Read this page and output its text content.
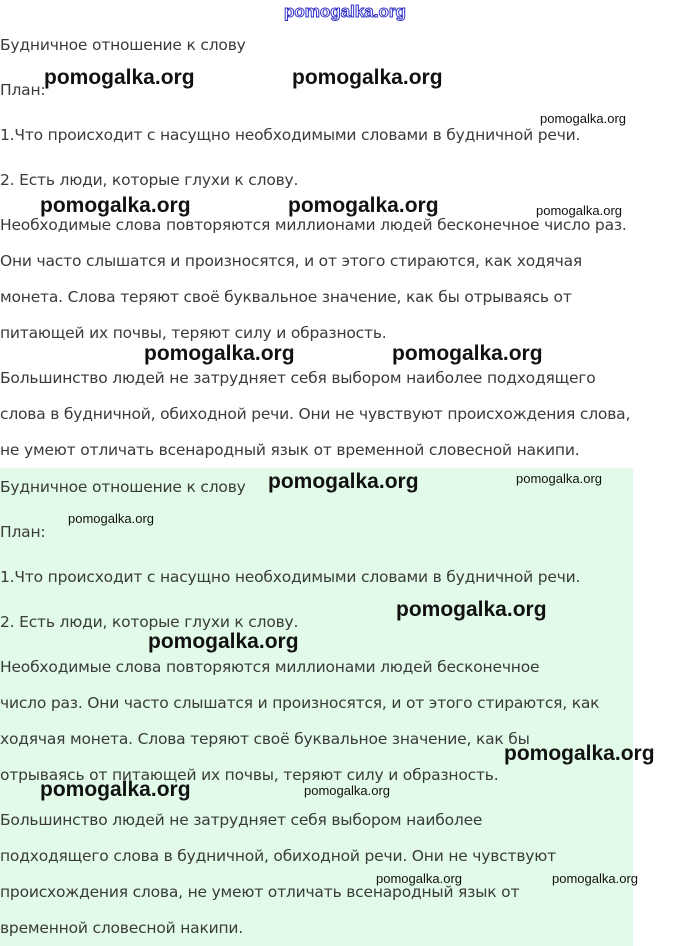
pomogalka.org
Будничное отношение к слову
План:
1.Что происходит с насущно необходимыми словами в будничной речи.
2. Есть люди, которые глухи к слову.
Необходимые слова повторяются миллионами людей бесконечное число раз.
Они часто слышатся и произносятся, и от этого стираются, как ходячая
монета. Слова теряют своё буквальное значение, как бы отрываясь от
питающей их почвы, теряют силу и образность.
Большинство людей не затрудняет себя выбором наиболее подходящего
слова в будничной, обиходной речи. Они не чувствуют происхождения слова,
не умеют отличать всенародный язык от временной словесной накипи.
Будничное отношение к слову
План:
1.Что происходит с насущно необходимыми словами в будничной речи.
2. Есть люди, которые глухи к слову.
Необходимые слова повторяются миллионами людей бесконечное
число раз. Они часто слышатся и произносятся, и от этого стираются, как
ходячая монета. Слова теряют своё буквальное значение, как бы
отрываясь от питающей их почвы, теряют силу и образность.
Большинство людей не затрудняет себя выбором наиболее
подходящего слова в будничной, обиходной речи. Они не чувствуют
происхождения слова, не умеют отличать всенародный язык от
временной словесной накипи.
pomogalka.org	pomogalka.org
pomogalka.org
pomogalka.org	pomogalka.org	pomogalka.org
pomogalka.org	pomogalka.org
pomogalka.org	pomogalka.org
pomogalka.org
pomogalka.org
pomogalka.org
pomogalka.org
pomogalka.org	pomogalka.org
pomogalka.org	pomogalka.org
